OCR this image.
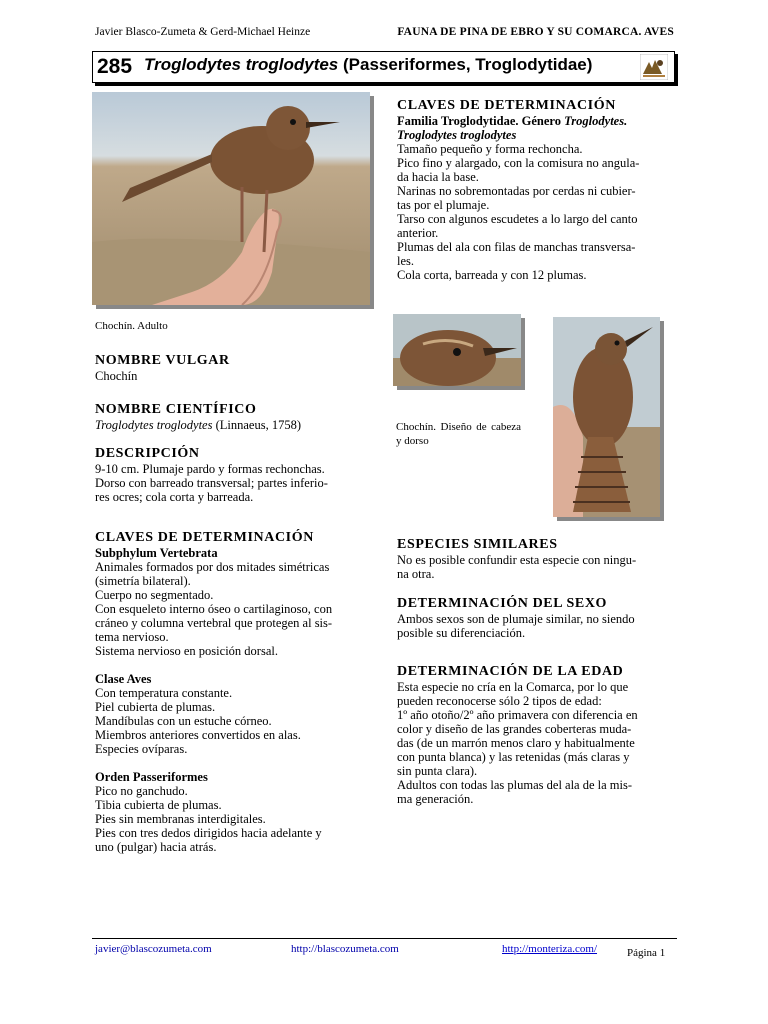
Javier Blasco-Zumeta & Gerd-Michael Heinze	FAUNA DE PINA DE EBRO Y SU COMARCA. AVES
285 Troglodytes troglodytes (Passeriformes, Troglodytidae)
Chochín. Adulto
NOMBRE VULGAR
Chochín
NOMBRE CIENTÍFICO
Troglodytes troglodytes (Linnaeus, 1758)
DESCRIPCIÓN

9-10 cm. Plumaje pardo y formas rechonchas.

Dorso con barreado transversal; partes inferio-

res ocres; cola corta y barreada.

CLAVES DE DETERMINACIÓN

Subphylum Vertebrata

Animales formados por dos mitades simétricas

(simetría bilateral).

Cuerpo no segmentado.

Con esqueleto interno óseo o cartilaginoso, con

cráneo y columna vertebral que protegen al sis-

tema nervioso.

Sistema nervioso en posición dorsal.

Clase Aves

Con temperatura constante.

Piel cubierta de plumas.

Mandíbulas con un estuche córneo.

Miembros anteriores convertidos en alas.

Especies ovíparas.

Orden Passeriformes

Pico no ganchudo.

Tibia cubierta de plumas.

Pies sin membranas interdigitales.

Pies con tres dedos dirigidos hacia adelante y

uno (pulgar) hacia atrás.

CLAVES DE DETERMINACIÓN

Familia Troglodytidae. Género Troglodytes.

Troglodytes troglodytes

Tamaño pequeño y forma rechoncha.

Pico fino y alargado, con la comisura no angula-

da hacia la base.

Narinas no sobremontadas por cerdas ni cubier-

tas por el plumaje.

Tarso con algunos escudetes a lo largo del canto

anterior.

Plumas del ala con filas de manchas transversa-

les.

Cola corta, barreada y con 12 plumas.

Chochín. Diseño de cabeza y dorso
ESPECIES SIMILARES

No es posible confundir esta especie con ningu-

na otra.

DETERMINACIÓN DEL SEXO

Ambos sexos son de plumaje similar, no siendo

posible su diferenciación.

DETERMINACIÓN DE LA EDAD

Esta especie no cría en la Comarca, por lo que

pueden reconocerse sólo 2 tipos de edad:

1º año otoño/2º año primavera con diferencia en

color y diseño de las grandes coberteras muda-

das (de un marrón menos claro y habitualmente

con punta blanca) y las retenidas (más claras y

sin punta clara).

Adultos con todas las plumas del ala de la mis-

ma generación.

javier@blascozumeta.com	http://blascozumeta.com	http://monteriza.com/	Página 1
